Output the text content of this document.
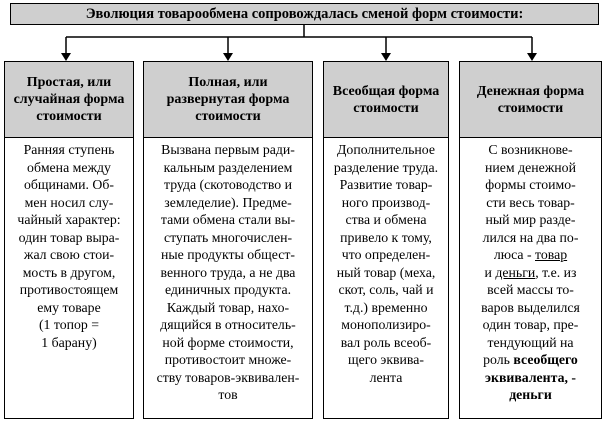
Эволюция товарообмена сопровождалась сменой форм стоимости:
Простая, или случайная форма стоимости
Ранняя ступень
обмена между
общинами. Об-
мен носил слу-
чайный характер:
один товар выра-
жал свою стои-
мость в другом,
противостоящем
ему товаре
(1 топор =
1 барану)
Полная, или развернутая форма стоимости
Вызвана первым ради-
кальным разделением
труда (скотоводство и
земледелие). Предме-
тами обмена стали вы-
ступать многочислен-
ные продукты общест-
венного труда, а не два
единичных продукта.
Каждый товар, нахо-
дящийся в относитель-
ной форме стоимости,
противостоит множе-
ству товаров-эквивален-
тов
Всеобщая форма стоимости
Дополнительное
разделение труда.
Развитие товар-
ного производ-
ства и обмена
привело к тому,
что определен-
ный товар (меха,
скот, соль, чай и
т.д.) временно
монополизиро-
вал роль всеоб-
щего эквива-
лента
Денежная форма стоимости
С возникнове-
нием денежной
формы стоимо-
сти весь товар-
ный мир разде-
лился на два по-
люса - товар
и деньги, т.е. из
всей массы то-
варов выделился
один товар, пре-
тендующий на
роль всеобщего
эквивалента, -
деньги
